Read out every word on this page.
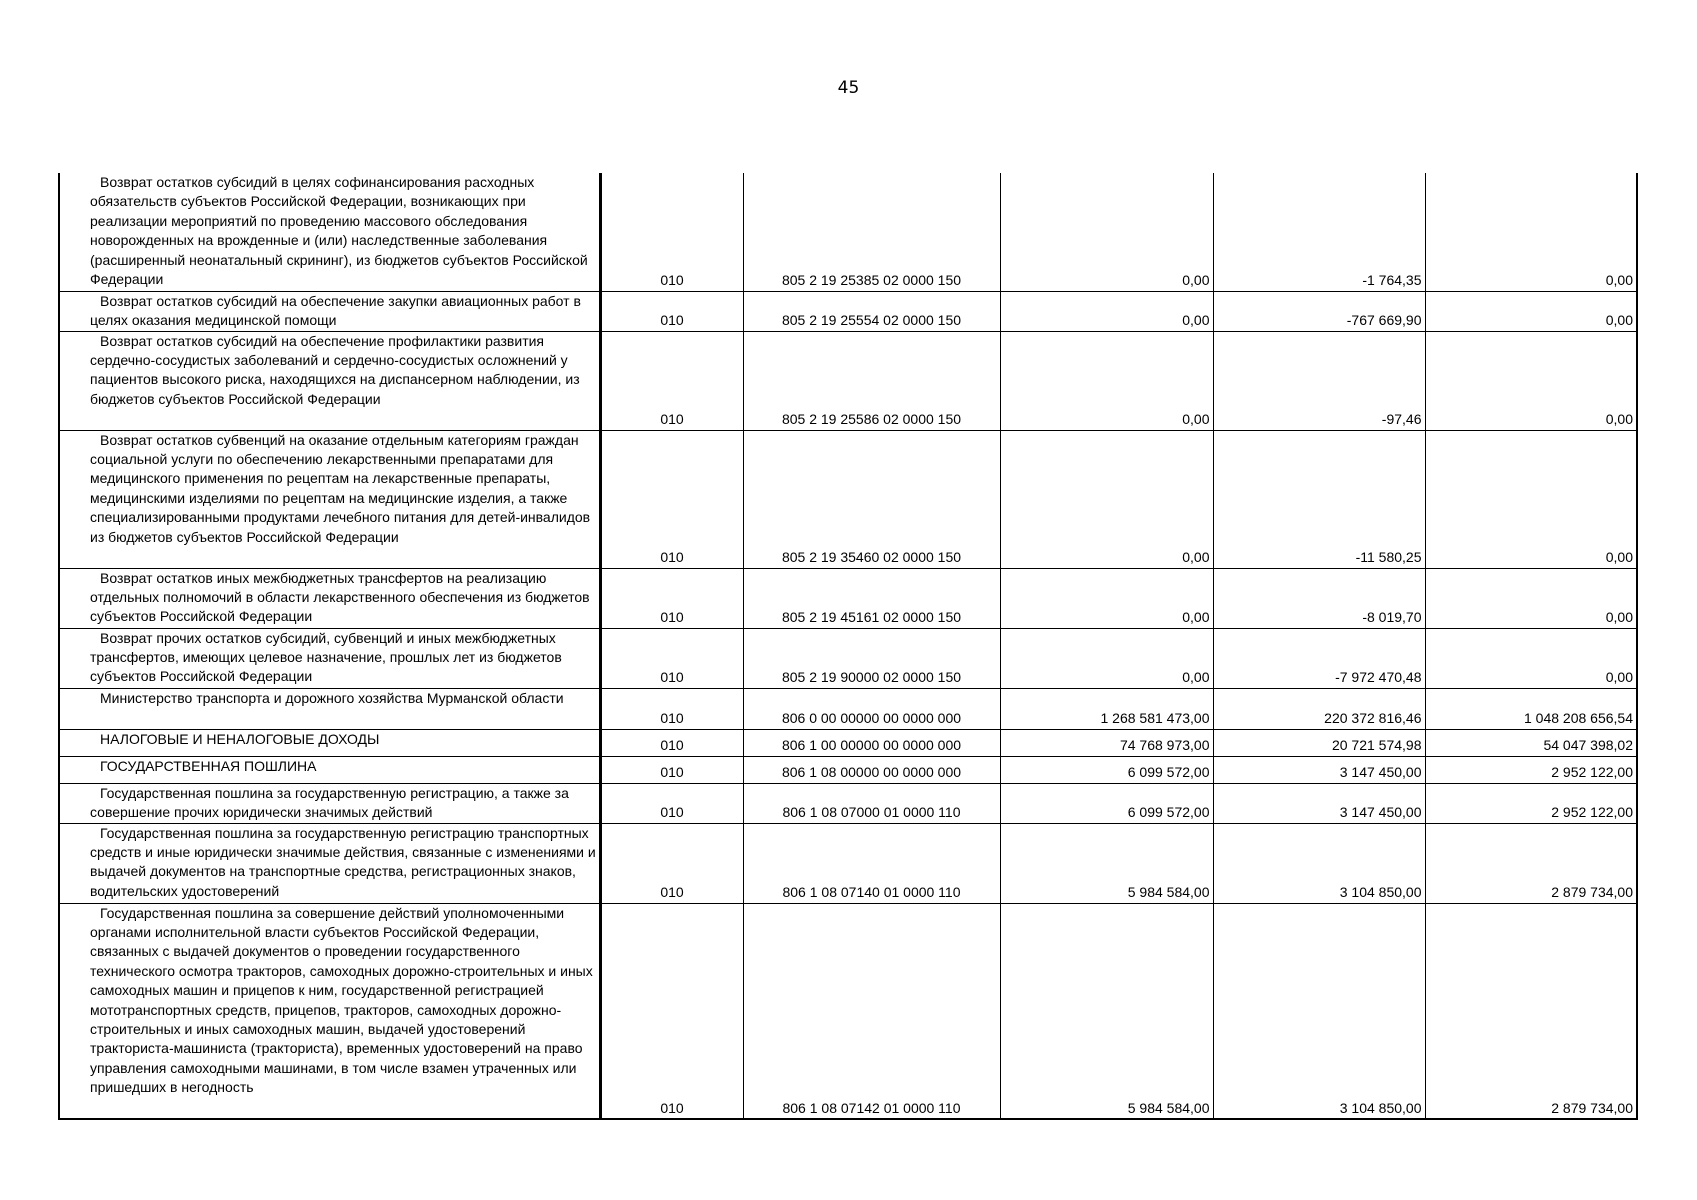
45
Возврат остатков субсидий в целях софинансирования расходных обязательств субъектов Российской Федерации, возникающих при реализации мероприятий по проведению массового обследования новорожденных на врожденные и (или) наследственные заболевания (расширенный неонатальный скрининг), из бюджетов субъектов Российской Федерации	010	805 2 19 25385 02 0000 150	0,00	-1 764,35	0,00
Возврат остатков субсидий на обеспечение закупки авиационных работ в целях оказания медицинской помощи	010	805 2 19 25554 02 0000 150	0,00	-767 669,90	0,00
Возврат остатков субсидий на обеспечение профилактики развития сердечно-сосудистых заболеваний и сердечно-сосудистых осложнений у пациентов высокого риска, находящихся на диспансерном наблюдении, из бюджетов субъектов Российской Федерации	010	805 2 19 25586 02 0000 150	0,00	-97,46	0,00
Возврат остатков субвенций на оказание отдельным категориям граждан социальной услуги по обеспечению лекарственными препаратами для медицинского применения по рецептам на лекарственные препараты, медицинскими изделиями по рецептам на медицинские изделия, а также специализированными продуктами лечебного питания для детей-инвалидов из бюджетов субъектов Российской Федерации	010	805 2 19 35460 02 0000 150	0,00	-11 580,25	0,00
Возврат остатков иных межбюджетных трансфертов на реализацию отдельных полномочий в области лекарственного обеспечения из бюджетов субъектов Российской Федерации	010	805 2 19 45161 02 0000 150	0,00	-8 019,70	0,00
Возврат прочих остатков субсидий, субвенций и иных межбюджетных трансфертов, имеющих целевое назначение, прошлых лет из бюджетов субъектов Российской Федерации	010	805 2 19 90000 02 0000 150	0,00	-7 972 470,48	0,00
Министерство транспорта и дорожного хозяйства Мурманской области	010	806 0 00 00000 00 0000 000	1 268 581 473,00	220 372 816,46	1 048 208 656,54
НАЛОГОВЫЕ И НЕНАЛОГОВЫЕ ДОХОДЫ	010	806 1 00 00000 00 0000 000	74 768 973,00	20 721 574,98	54 047 398,02
ГОСУДАРСТВЕННАЯ ПОШЛИНА	010	806 1 08 00000 00 0000 000	6 099 572,00	3 147 450,00	2 952 122,00
Государственная пошлина за государственную регистрацию, а также за совершение прочих юридически значимых действий	010	806 1 08 07000 01 0000 110	6 099 572,00	3 147 450,00	2 952 122,00
Государственная пошлина за государственную регистрацию транспортных средств и иные юридически значимые действия, связанные с изменениями и выдачей документов на транспортные средства, регистрационных знаков, водительских удостоверений	010	806 1 08 07140 01 0000 110	5 984 584,00	3 104 850,00	2 879 734,00
Государственная пошлина за совершение действий уполномоченными органами исполнительной власти субъектов Российской Федерации, связанных с выдачей документов о проведении государственного технического осмотра тракторов, самоходных дорожно-строительных и иных самоходных машин и прицепов к ним, государственной регистрацией мототранспортных средств, прицепов, тракторов, самоходных дорожно-строительных и иных самоходных машин, выдачей удостоверений тракториста-машиниста (тракториста), временных удостоверений на право управления самоходными машинами, в том числе взамен утраченных или пришедших в негодность	010	806 1 08 07142 01 0000 110	5 984 584,00	3 104 850,00	2 879 734,00
